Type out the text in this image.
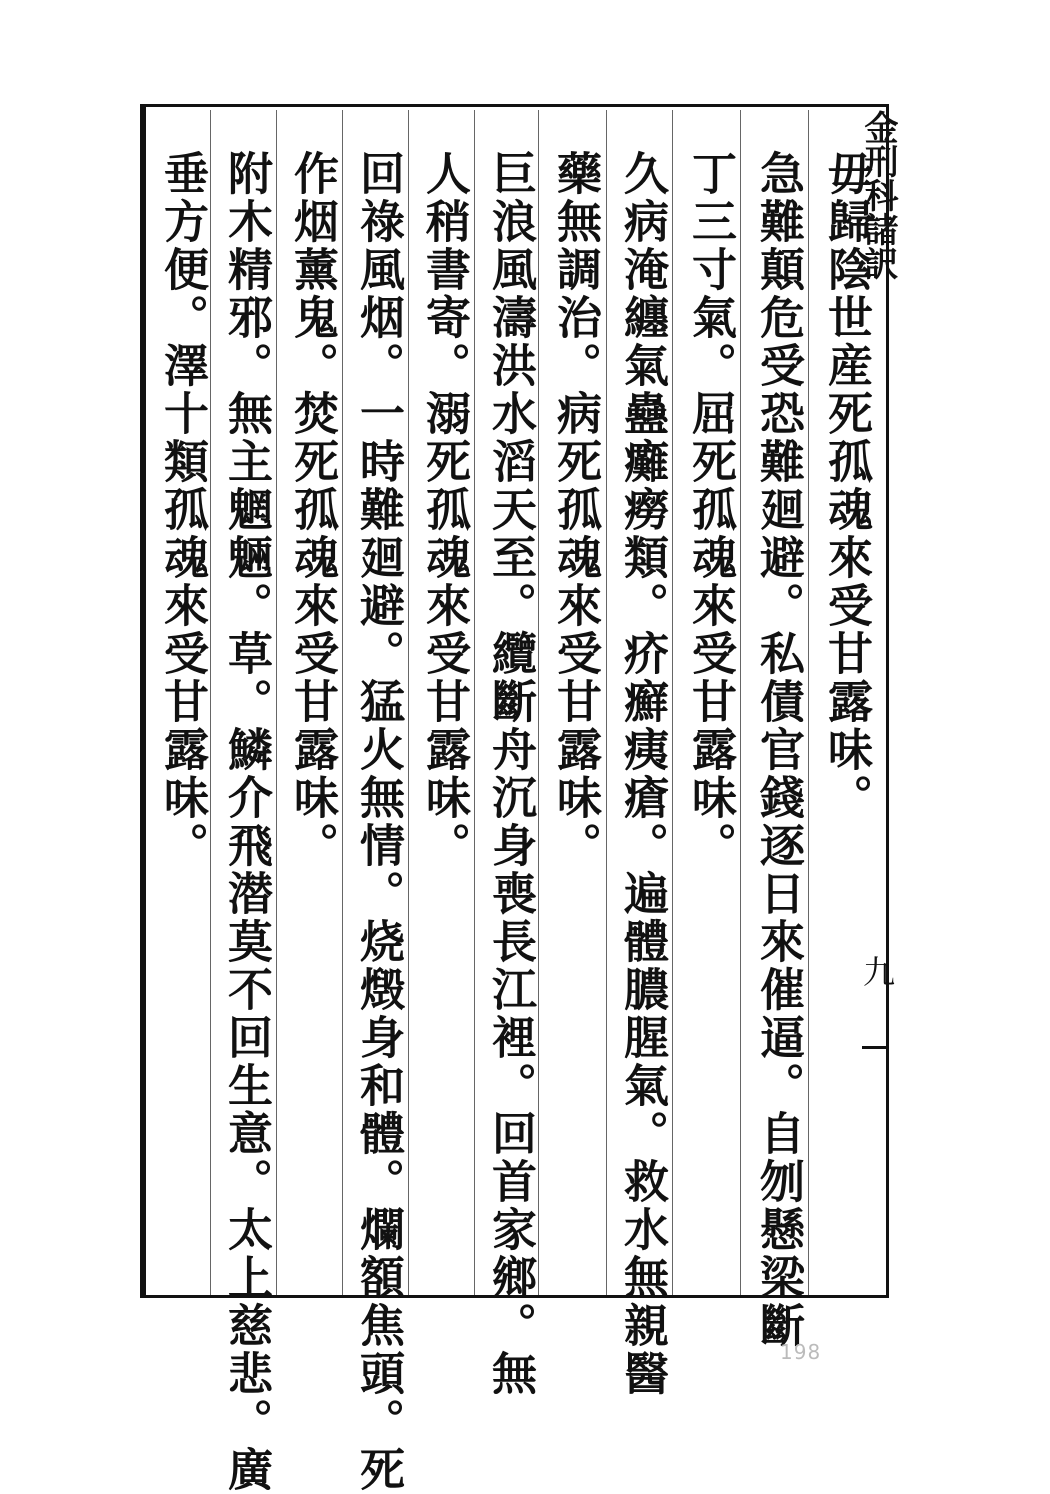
毋歸陰世産死孤魂來受甘露味。
急難顛危受恐難廻避。私債官錢逐日來催逼。自刎懸梁斷
丁三寸氣。屈死孤魂來受甘露味。
久病淹纏氣蠱癱癆類。疥癬痍瘡。遍體膿腥氣。救水無親醫
藥無調治。病死孤魂來受甘露味。
巨浪風濤洪水滔天至。纜斷舟沉身喪長江裡。回首家鄉。無
人稍書寄。溺死孤魂來受甘露味。
回祿風烟。一時難廻避。猛火無情。烧燬身和體。爛額焦頭。死
作烟薰鬼。焚死孤魂來受甘露味。
附木精邪。無主魍魎。草。鱗介飛潜莫不回生意。太上慈悲。廣
垂方便。澤十類孤魂來受甘露味。	金刑科諸訳
九
198
